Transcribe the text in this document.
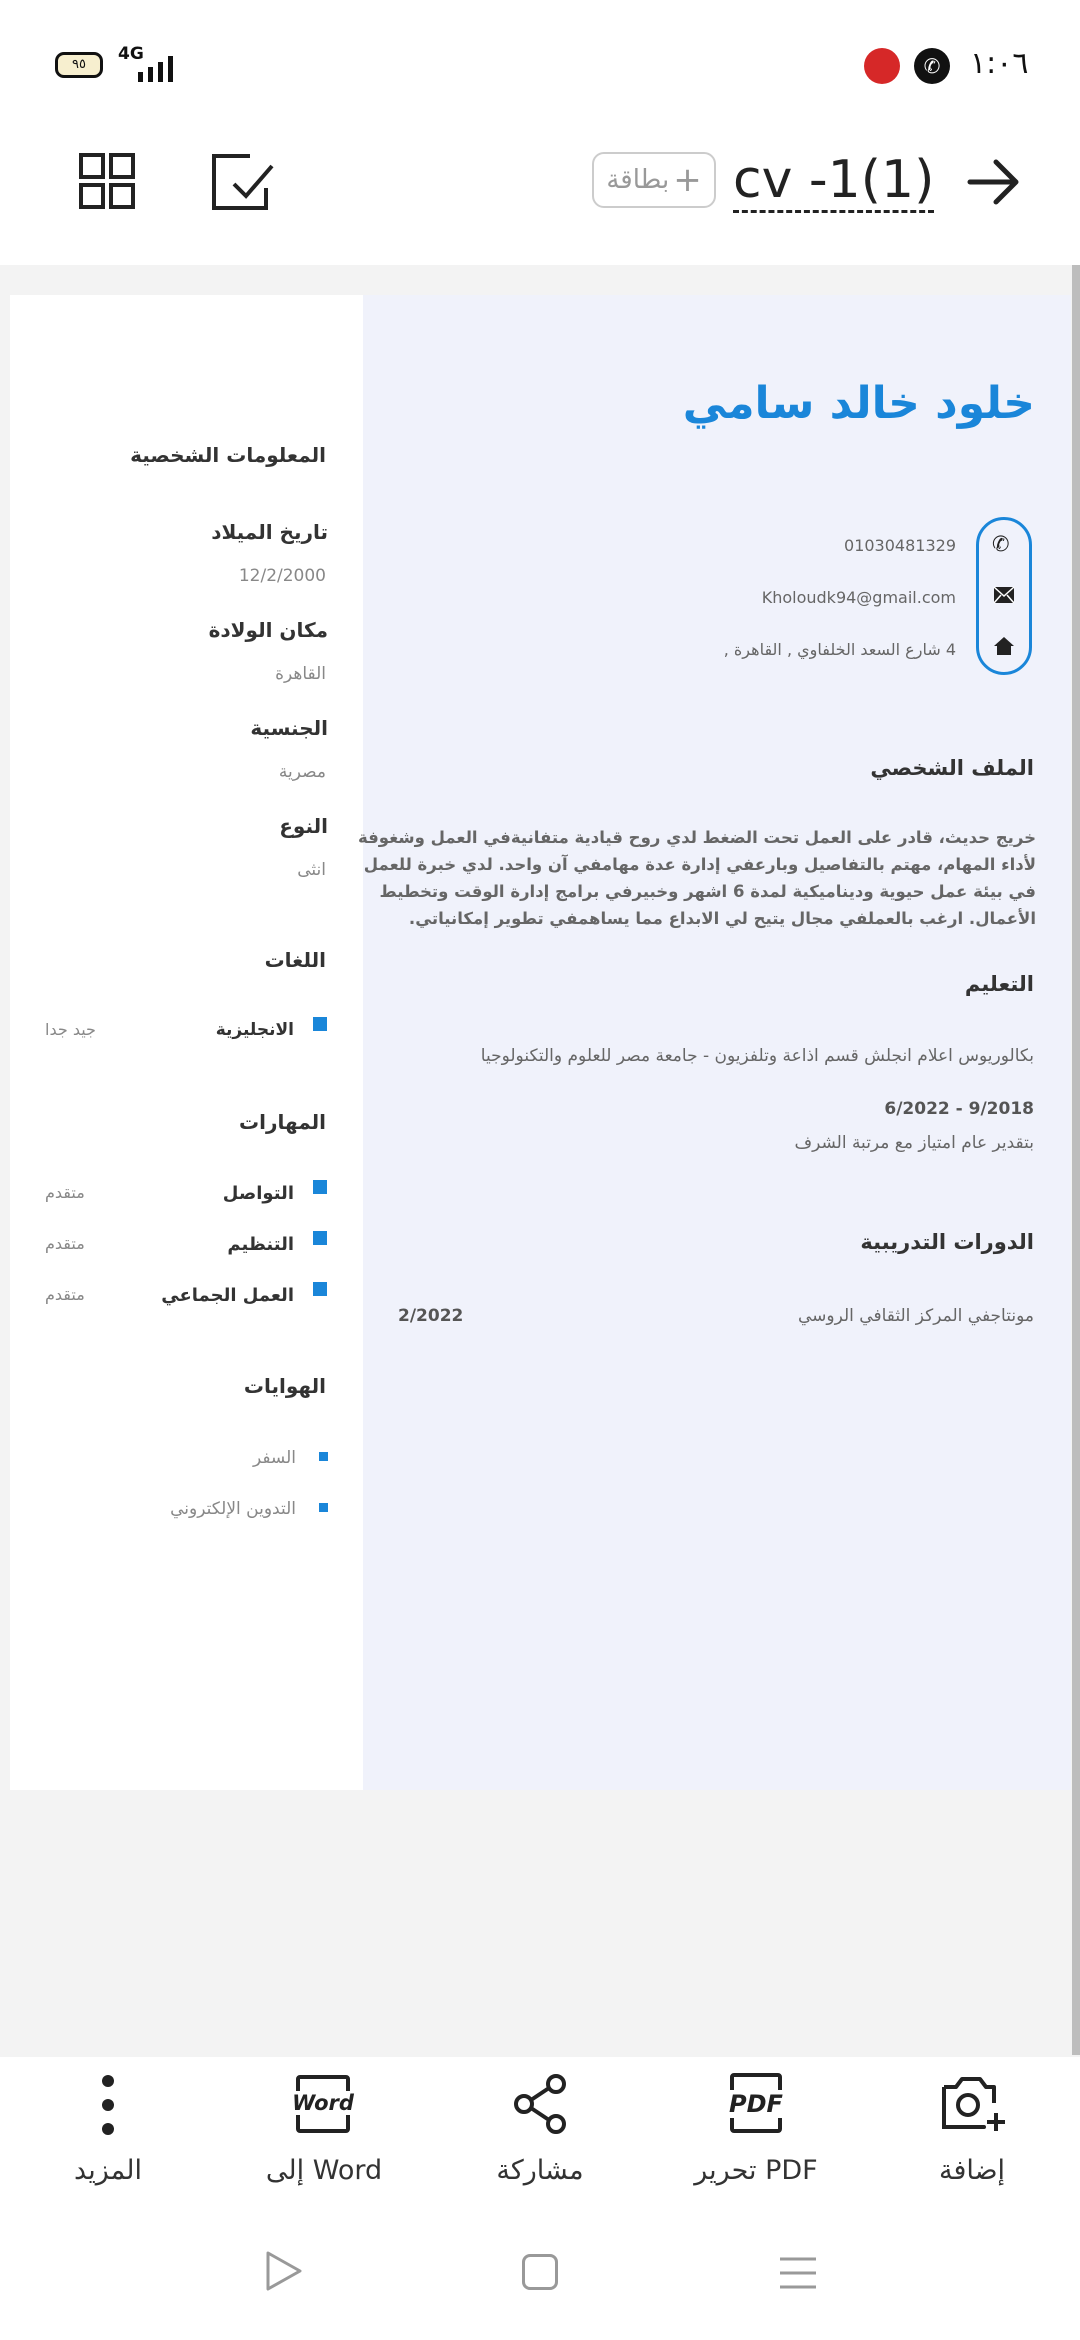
٩٥
4G	✆ ١:٠٦
+
بطاقة cv -1(1)
خلود خالد سامي
✆
01030481329
Kholoudk94@gmail.com
4 شارع السعد الخلفاوي , القاهرة ,
الملف الشخصي
خريج حديث، قادر على العمل تحت الضغط لدي روح قيادية متفانيةفي العمل وشغوفة
لأداء المهام، مهتم بالتفاصيل وبارعفي إدارة عدة مهامفي آن واحد. لدي خبرة للعمل
في بيئة عمل حيوية وديناميكية لمدة 6 اشهر وخبيرفي برامج إدارة الوقت وتخطيط
الأعمال. ارغب بالعملفي مجال يتيح لي الابداع مما يساهمفي تطوير إمكانياتي.
التعليم
بكالوريوس اعلام انجلش قسم اذاعة وتلفزيون - جامعة مصر للعلوم والتكنولوجيا
9/2018 - 6/2022
بتقدير عام امتياز مع مرتبة الشرف
الدورات التدريبية
مونتاجفي المركز الثقافي الروسي
2/2022
المعلومات الشخصية
تاريخ الميلاد
12/2/2000
مكان الولادة
القاهرة
الجنسية
مصرية
النوع
انثى
اللغات
الانجليزية
جيد جدا
المهارات
التواصل
متقدم
التنظيم
متقدم
العمل الجماعي
متقدم
الهوايات
السفر
التدوين الإلكتروني
المزيد
Word
إلى Word	مشاركة
PDF
تحرير PDF	إضافة
